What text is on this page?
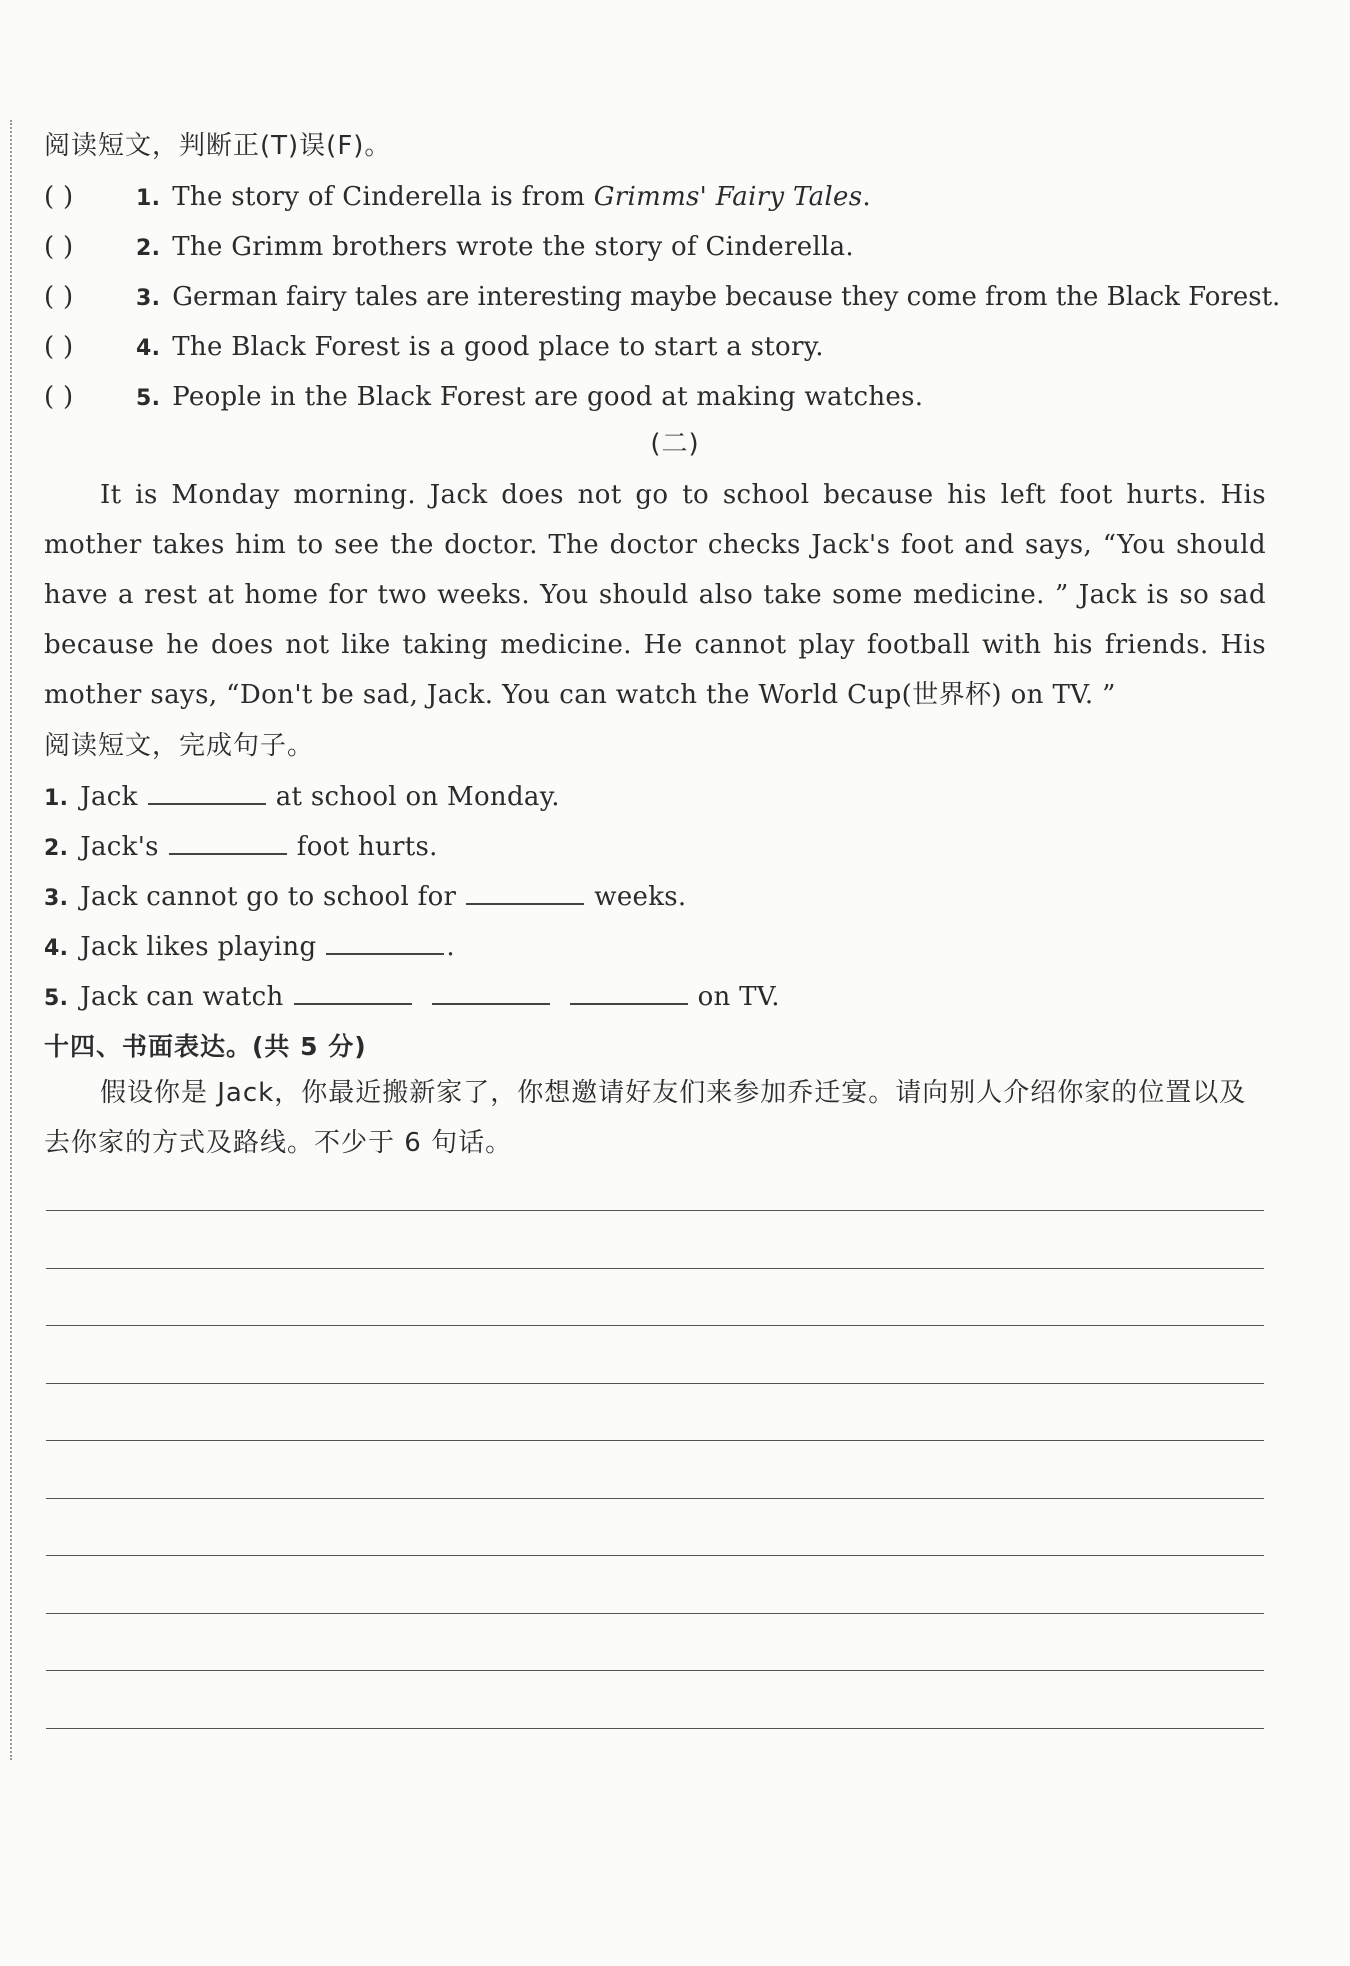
阅读短文，判断正(T)误(F)。
( )	1. The story of Cinderella is from Grimms' Fairy Tales.
( )	2. The Grimm brothers wrote the story of Cinderella.
( )	3. German fairy tales are interesting maybe because they come from the Black Forest.
( )	4. The Black Forest is a good place to start a story.
( )	5. People in the Black Forest are good at making watches.
(二)
It is Monday morning. Jack does not go to school because his left foot hurts. His mother takes him to see the doctor. The doctor checks Jack's foot and says, “You should have a rest at home for two weeks. You should also take some medicine. ” Jack is so sad because he does not like taking medicine. He cannot play football with his friends. His mother says, “Don't be sad, Jack. You can watch the World Cup(世界杯) on TV. ”
阅读短文，完成句子。
1. Jack	at school on Monday.
2. Jack's	foot hurts.
3. Jack cannot go to school for	weeks.
4. Jack likes playing	.
5. Jack can watch	on TV.
十四、书面表达。(共 5 分)
假设你是 Jack，你最近搬新家了，你想邀请好友们来参加乔迁宴。请向别人介绍你家的位置以及去你家的方式及路线。不少于 6 句话。
